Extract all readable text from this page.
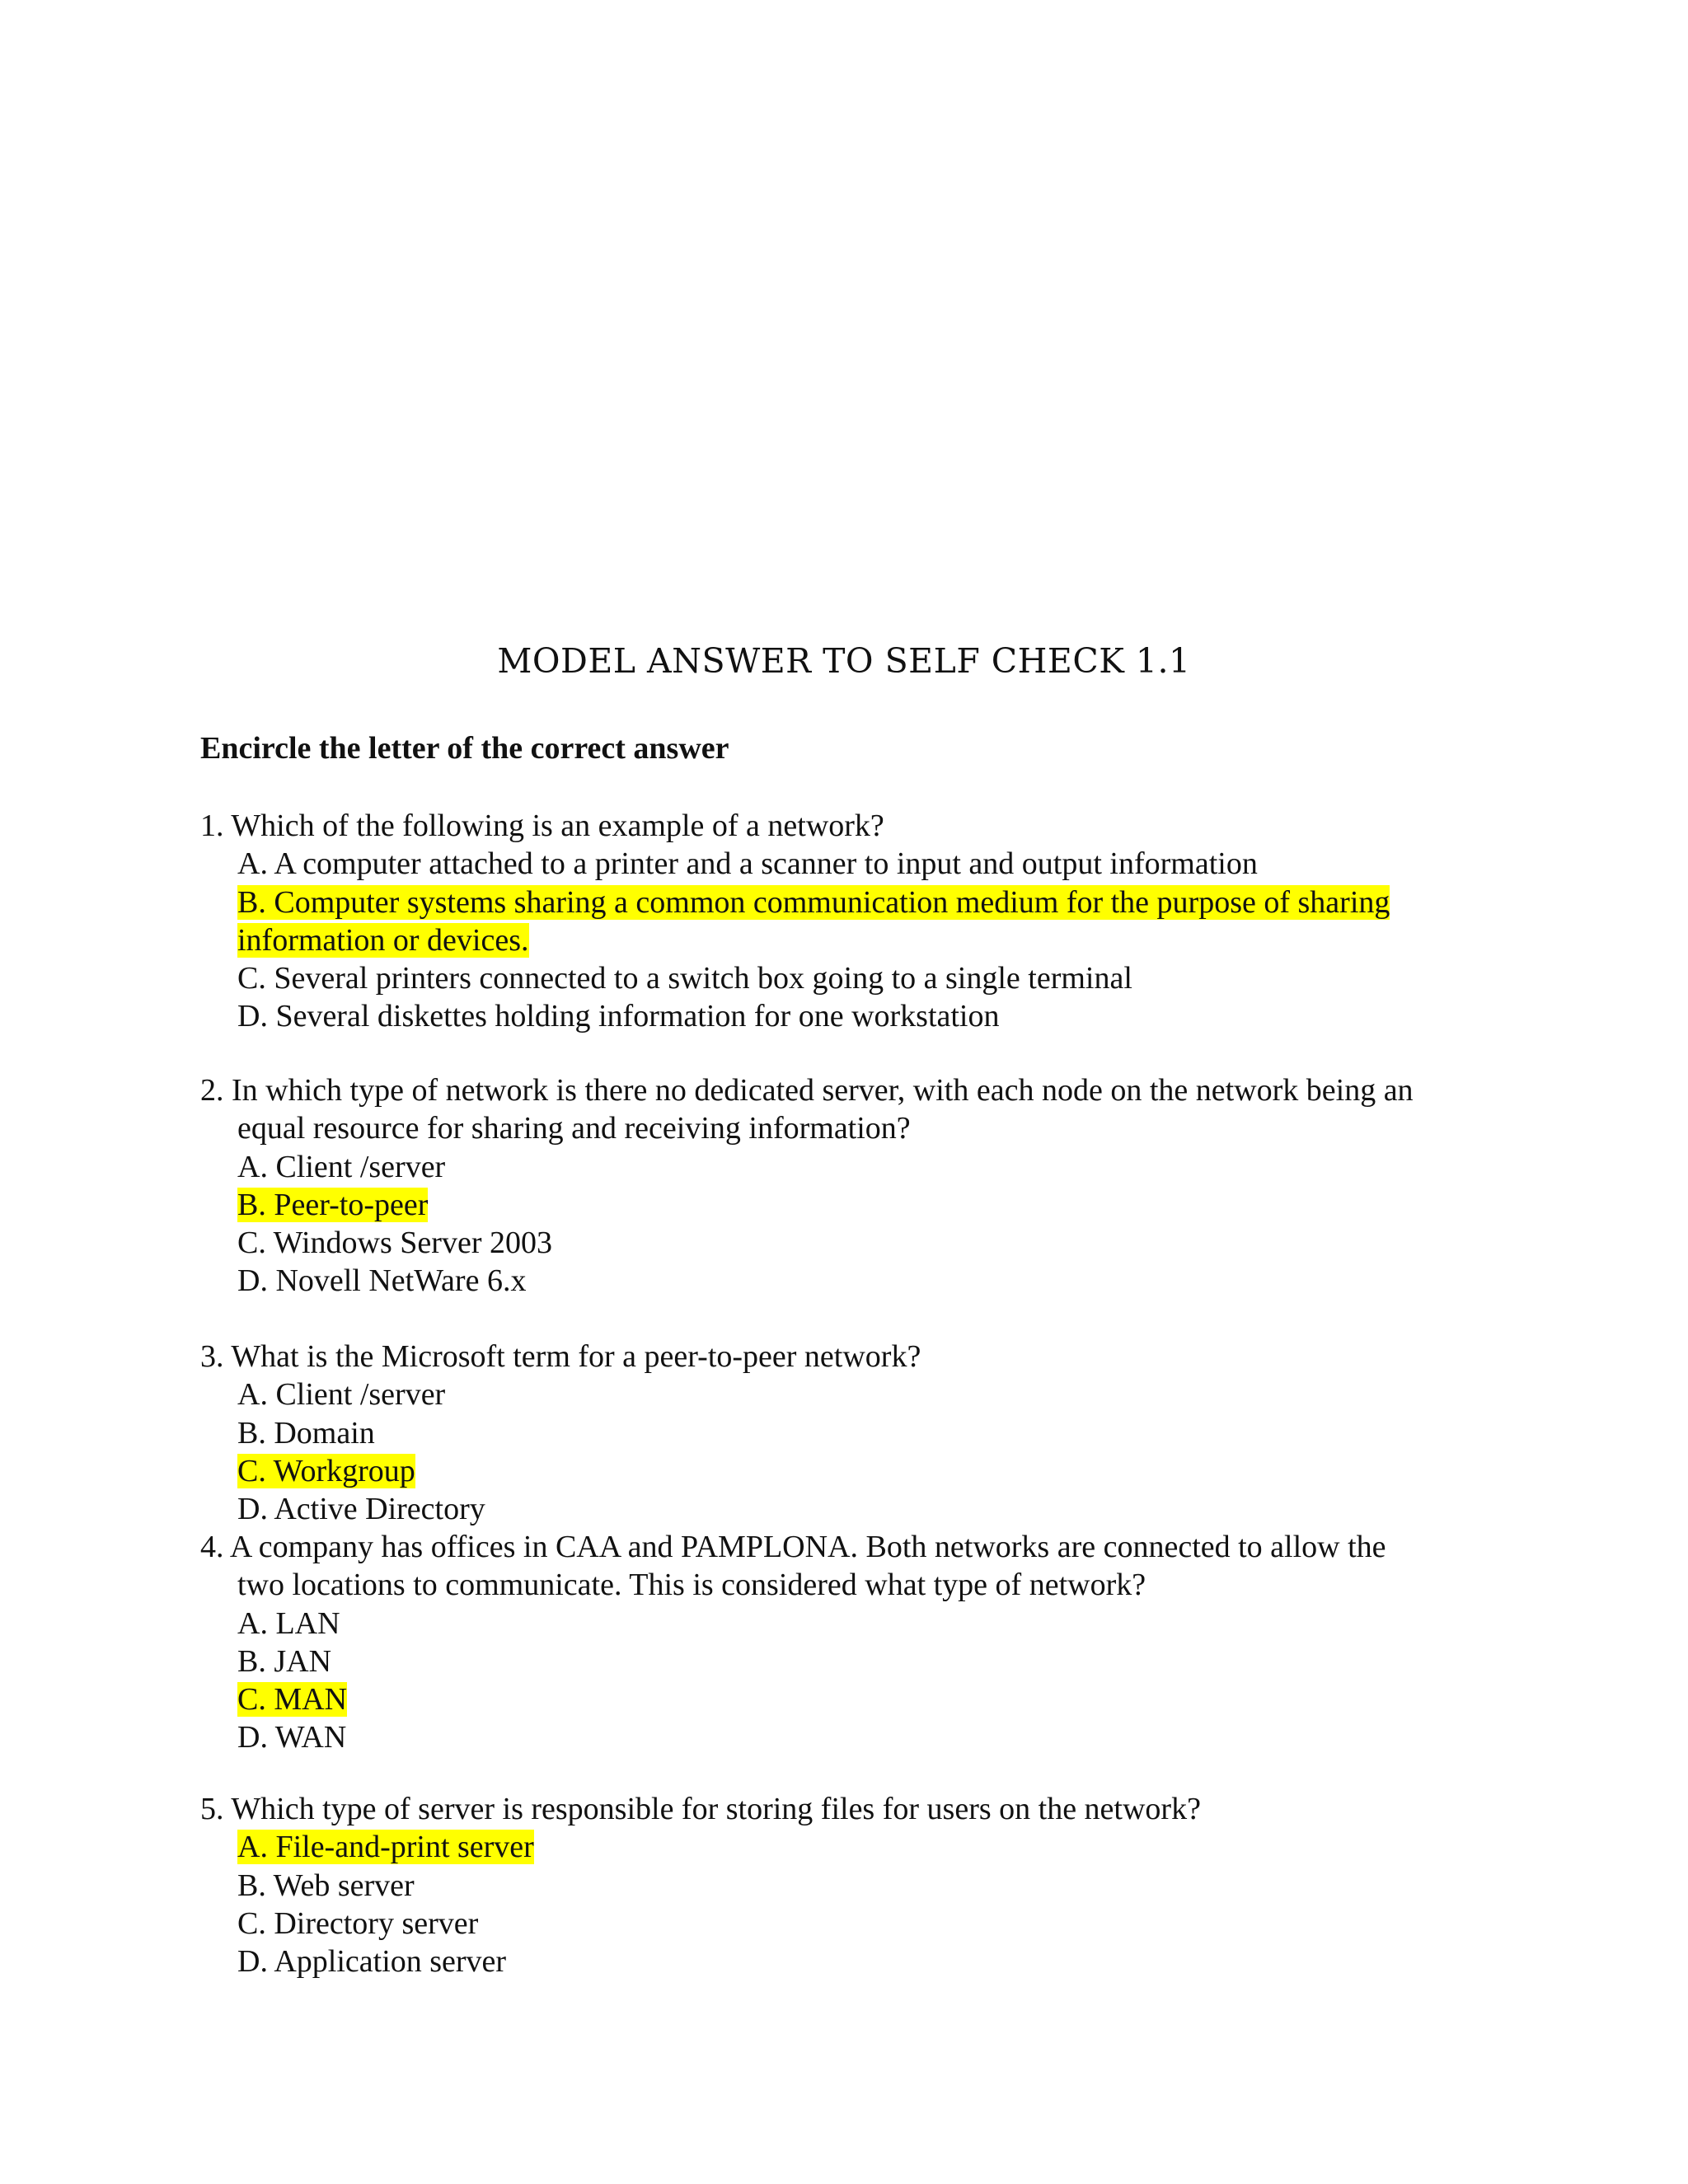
MODEL ANSWER TO SELF CHECK 1.1
Encircle the letter of the correct answer
1. Which of the following is an example of a network?
A. A computer attached to a printer and a scanner to input and output information
B. Computer systems sharing a common communication medium for the purpose of sharing
information or devices.
C. Several printers connected to a switch box going to a single terminal
D. Several diskettes holding information for one workstation
2. In which type of network is there no dedicated server, with each node on the network being an
equal resource for sharing and receiving information?
A. Client /server
B. Peer-to-peer
C. Windows Server 2003
D. Novell NetWare 6.x
3. What is the Microsoft term for a peer-to-peer network?
A. Client /server
B. Domain
C. Workgroup
D. Active Directory
4. A company has offices in CAA and PAMPLONA. Both networks are connected to allow the
two locations to communicate. This is considered what type of network?
A. LAN
B. JAN
C. MAN
D. WAN
5. Which type of server is responsible for storing files for users on the network?
A. File-and-print server
B. Web server
C. Directory server
D. Application server
